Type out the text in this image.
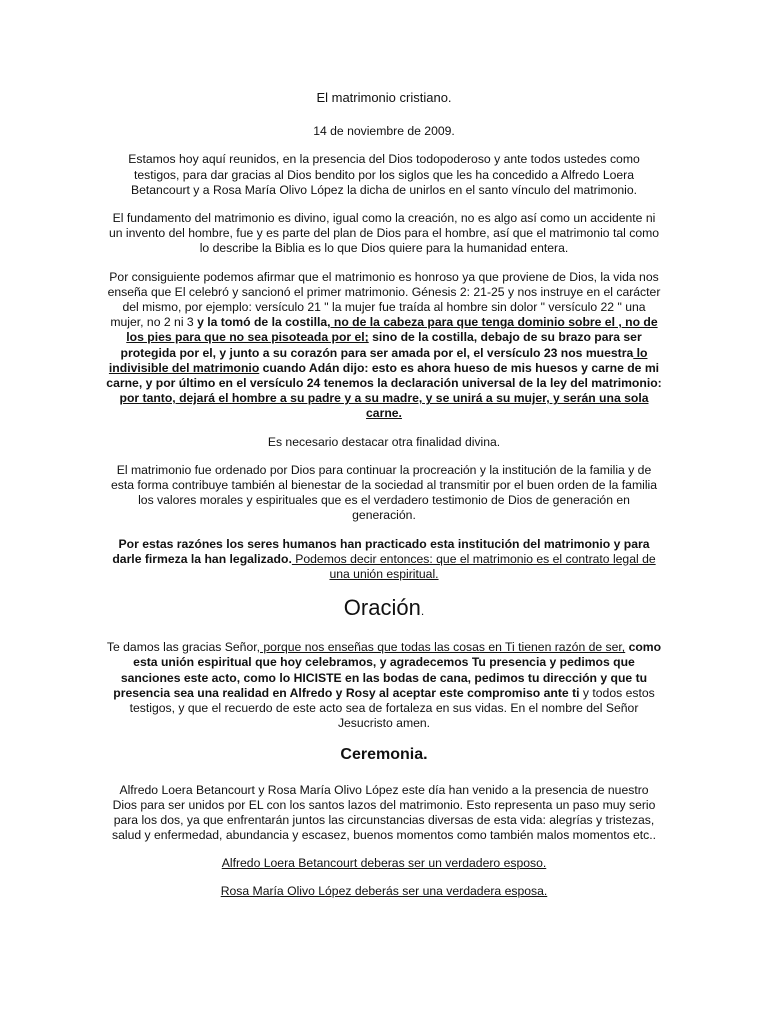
El matrimonio cristiano.

14 de noviembre de 2009.

Estamos hoy aquí reunidos, en la presencia del Dios todopoderoso y ante todos ustedes como testigos, para dar gracias al Dios bendito por los siglos que les ha concedido a Alfredo Loera Betancourt y a Rosa María Olivo López la dicha de unirlos en el santo vínculo del matrimonio.

El fundamento del matrimonio es divino, igual como la creación, no es algo así como un accidente ni un invento del hombre, fue y es parte del plan de Dios para el hombre, así que el matrimonio tal como lo describe la Biblia es lo que Dios quiere para la humanidad entera.

Por consiguiente podemos afirmar que el matrimonio es honroso ya que proviene de Dios, la vida nos enseña que El celebró y sancionó el primer matrimonio. Génesis 2: 21-25 y nos instruye en el carácter del mismo, por ejemplo: versículo 21 " la mujer fue traída al hombre sin dolor " versículo 22 " una mujer, no 2 ni 3 y la tomó de la costilla, no de la cabeza para que tenga dominio sobre el , no de los pies para que no sea pisoteada por el; sino de la costilla, debajo de su brazo para ser protegida por el, y junto a su corazón para ser amada por el, el versículo 23 nos muestra lo indivisible del matrimonio cuando Adán dijo: esto es ahora hueso de mis huesos y carne de mi carne, y por último en el versículo 24 tenemos la declaración universal de la ley del matrimonio: por tanto, dejará el hombre a su padre y a su madre, y se unirá a su mujer, y serán una sola carne.

Es necesario destacar otra finalidad divina.

El matrimonio fue ordenado por Dios para continuar la procreación y la institución de la familia y de esta forma contribuye también al bienestar de la sociedad al transmitir por el buen orden de la familia los valores morales y espirituales que es el verdadero testimonio de Dios de generación en generación.

Por estas razónes los seres humanos han practicado esta institución del matrimonio y para darle firmeza la han legalizado. Podemos decir entonces: que el matrimonio es el contrato legal de una unión espiritual.

Oración.

Te damos las gracias Señor, porque nos enseñas que todas las cosas en Ti tienen razón de ser, como esta unión espiritual que hoy celebramos, y agradecemos Tu presencia y pedimos que sanciones este acto, como lo HICISTE en las bodas de cana, pedimos tu dirección y que tu presencia sea una realidad en Alfredo y Rosy al aceptar este compromiso ante ti y todos estos testigos, y que el recuerdo de este acto sea de fortaleza en sus vidas. En el nombre del Señor Jesucristo amen.

Ceremonia.

Alfredo Loera Betancourt y Rosa María Olivo López este día han venido a la presencia de nuestro Dios para ser unidos por EL con los santos lazos del matrimonio. Esto representa un paso muy serio para los dos, ya que enfrentarán juntos las circunstancias diversas de esta vida: alegrías y tristezas, salud y enfermedad, abundancia y escasez, buenos momentos como también malos momentos etc..

Alfredo Loera Betancourt deberas ser un verdadero esposo.

Rosa María Olivo López deberás ser una verdadera esposa.
